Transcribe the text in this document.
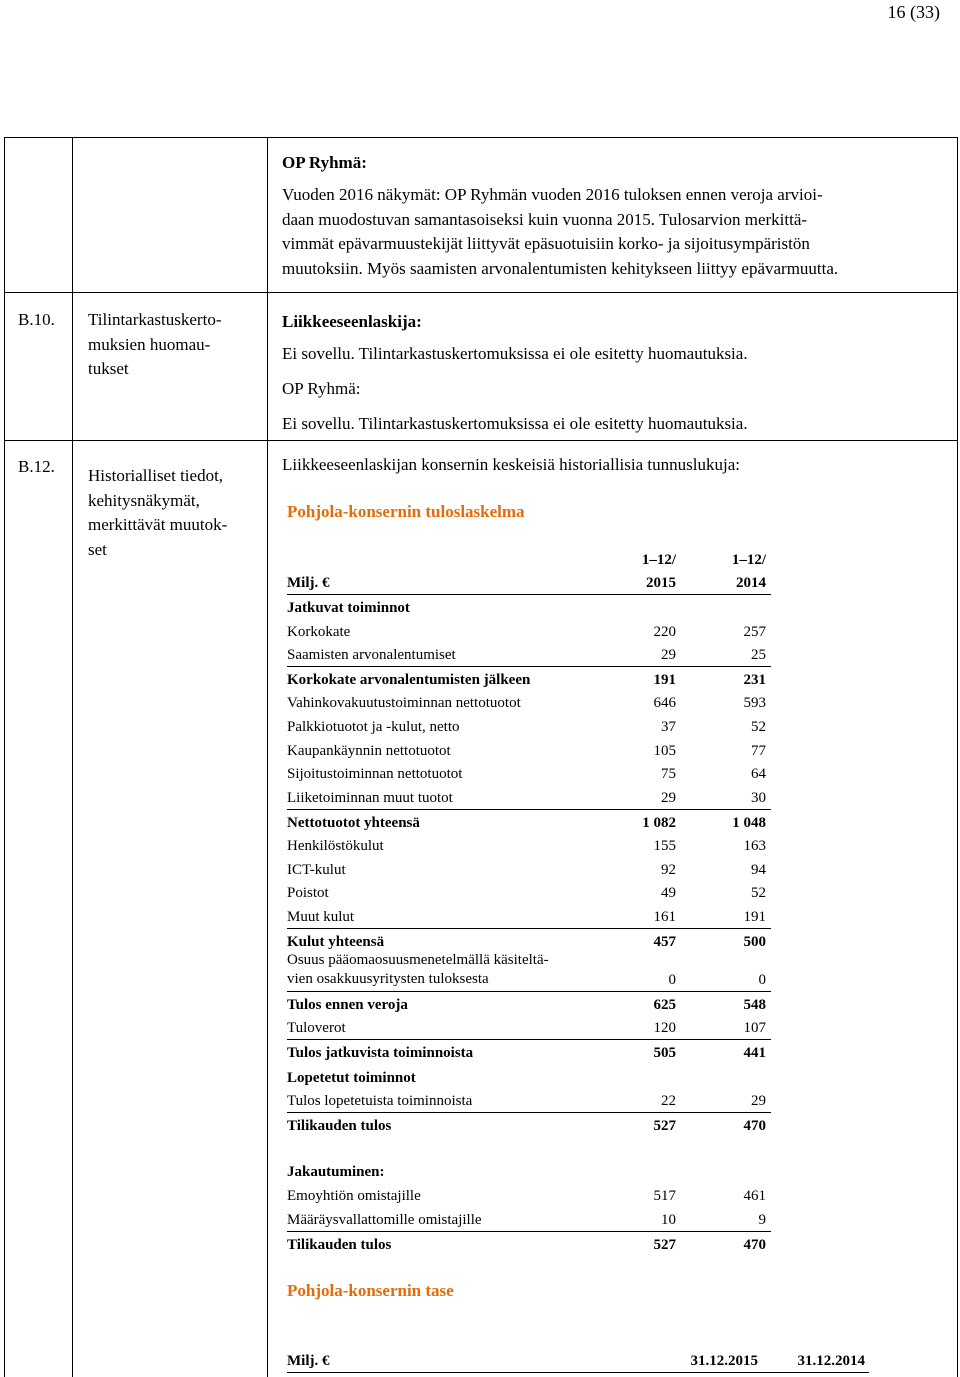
16 (33)
OP Ryhmä:
Vuoden 2016 näkymät: OP Ryhmän vuoden 2016 tuloksen ennen veroja arvioi-
daan muodostuvan samantasoiseksi kuin vuonna 2015. Tulosarvion merkittä-
vimmät epävarmuustekijät liittyvät epäsuotuisiin korko- ja sijoitusympäristön
muutoksiin. Myös saamisten arvonalentumisten kehitykseen liittyy epävarmuutta.
B.10. Tilintarkastuskerto-
muksien huomau-
tukset
Liikkeeseenlaskija:
Ei sovellu. Tilintarkastuskertomuksissa ei ole esitetty huomautuksia.
OP Ryhmä:
Ei sovellu. Tilintarkastuskertomuksissa ei ole esitetty huomautuksia.
B.12. Historialliset tiedot,
kehitysnäkymät,
merkittävät muutok-
set
Liikkeeseenlaskijan konsernin keskeisiä historiallisia tunnuslukuja:
Pohjola-konsernin tuloslaskelma
1–12/	1–12/
Milj. €	2015	2014
Jatkuvat toiminnot
Korkokate	220	257
Saamisten arvonalentumiset	29	25
Korkokate arvonalentumisten jälkeen	191	231
Vahinkovakuutustoiminnan nettotuotot	646	593
Palkkiotuotot ja -kulut, netto	37	52
Kaupankäynnin nettotuotot	105	77
Sijoitustoiminnan nettotuotot	75	64
Liiketoiminnan muut tuotot	29	30
Nettotuotot yhteensä	1 082	1 048
Henkilöstökulut	155	163
ICT-kulut	92	94
Poistot	49	52
Muut kulut	161	191
Kulut yhteensä	457	500
Osuus pääomaosuusmenetelmällä käsiteltä-
vien osakkuusyritysten tuloksesta	0	0
Tulos ennen veroja	625	548
Tuloverot	120	107
Tulos jatkuvista toiminnoista	505	441
Lopetetut toiminnot
Tulos lopetetuista toiminnoista	22	29
Tilikauden tulos	527	470
Jakautuminen:
Emoyhtiön omistajille	517	461
Määräysvallattomille omistajille	10	9
Tilikauden tulos	527	470
Pohjola-konsernin tase
Milj. €	31.12.2015	31.12.2014
